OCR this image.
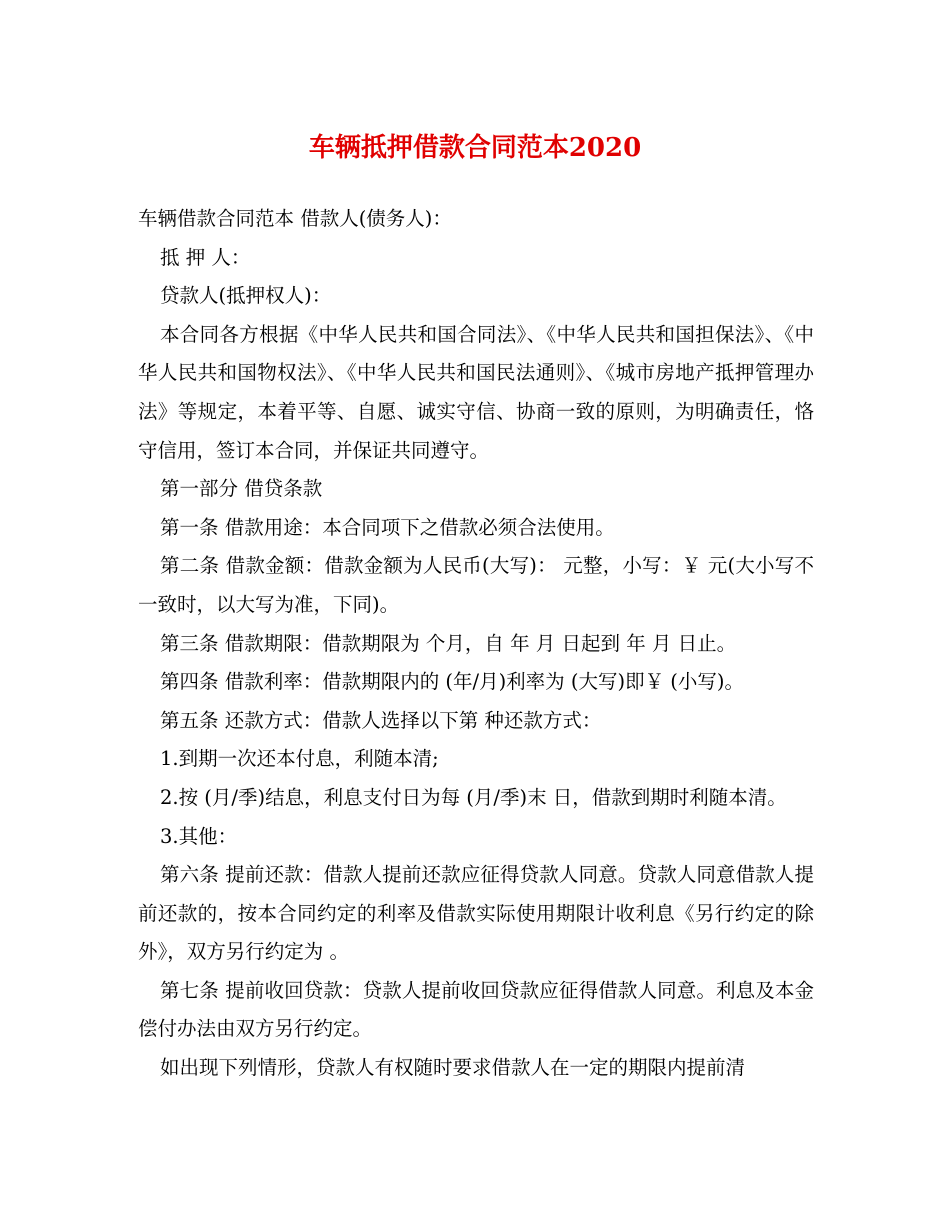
车辆抵押借款合同范本2020

车辆借款合同范本 借款人(债务人)：

抵 押 人：

贷款人(抵押权人)：

本合同各方根据《中华人民共和国合同法》、《中华人民共和国担保法》、《中华人民共和国物权法》、《中华人民共和国民法通则》、《城市房地产抵押管理办法》等规定，本着平等、自愿、诚实守信、协商一致的原则，为明确责任，恪守信用，签订本合同，并保证共同遵守。

第一部分 借贷条款

第一条 借款用途：本合同项下之借款必须合法使用。

第二条 借款金额：借款金额为人民币(大写)： 元整，小写：￥ 元(大小写不一致时，以大写为准，下同)。

第三条 借款期限：借款期限为 个月，自 年 月 日起到 年 月 日止。

第四条 借款利率：借款期限内的 (年/月)利率为 (大写)即￥ (小写)。

第五条 还款方式：借款人选择以下第 种还款方式：

1.到期一次还本付息，利随本清;

2.按 (月/季)结息，利息支付日为每 (月/季)末 日，借款到期时利随本清。

3.其他：

第六条 提前还款：借款人提前还款应征得贷款人同意。贷款人同意借款人提前还款的，按本合同约定的利率及借款实际使用期限计收利息《另行约定的除外》，双方另行约定为 。

第七条 提前收回贷款：贷款人提前收回贷款应征得借款人同意。利息及本金偿付办法由双方另行约定。

如出现下列情形，贷款人有权随时要求借款人在一定的期限内提前清
